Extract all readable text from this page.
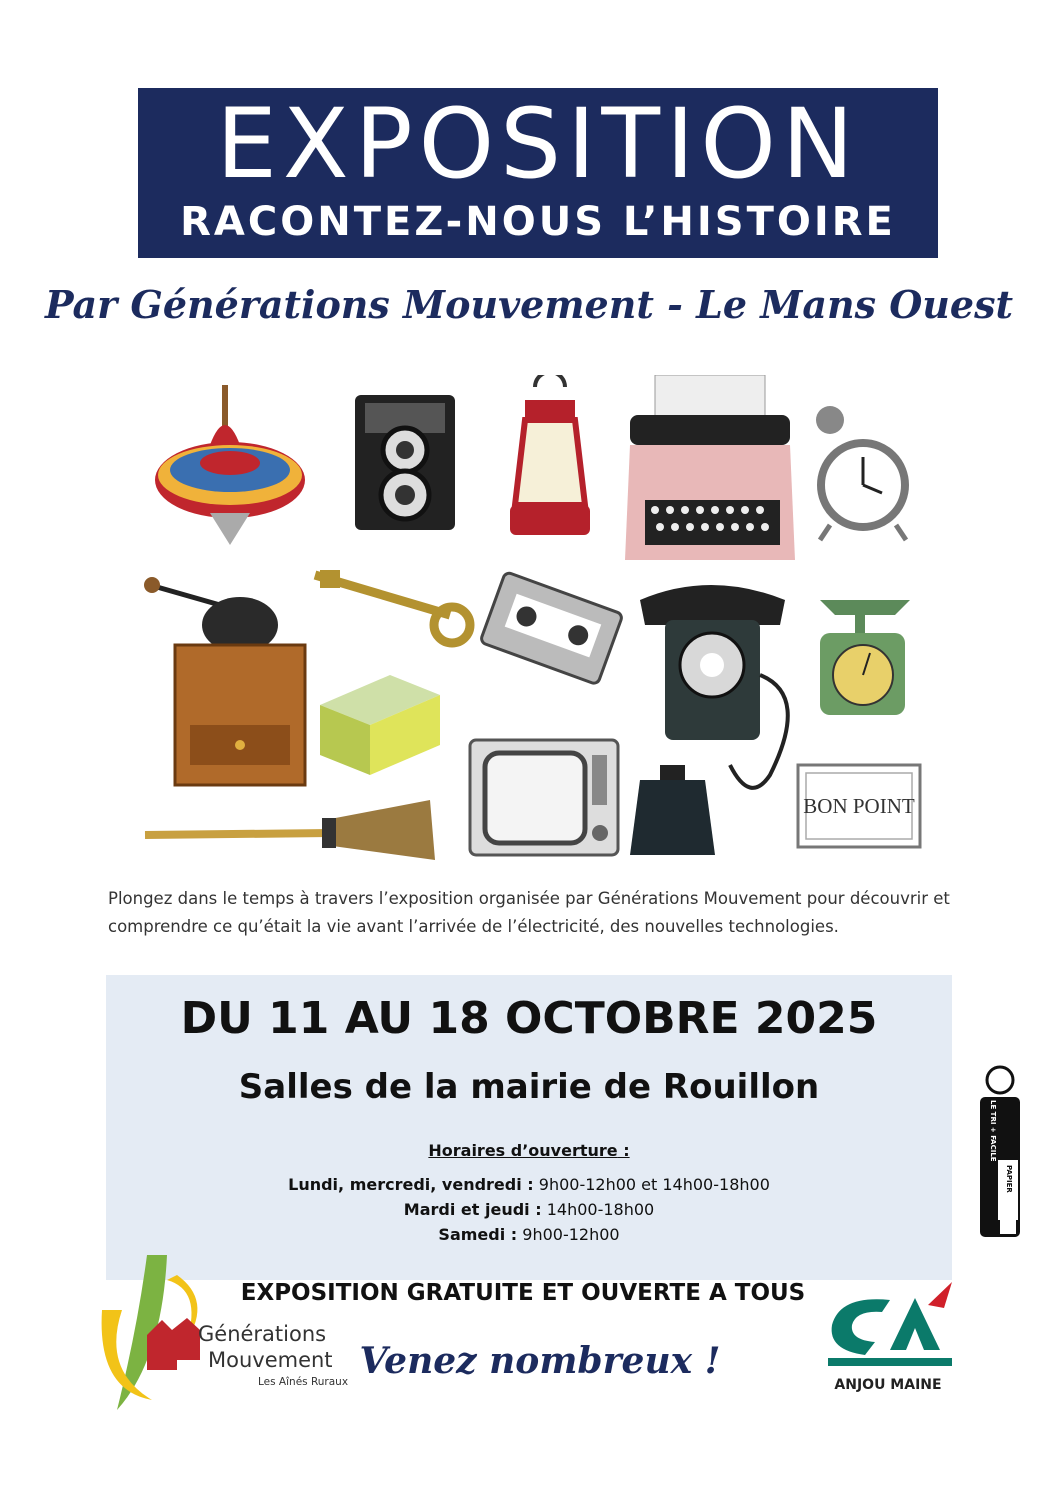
EXPOSITION
RACONTEZ-NOUS L’HISTOIRE
Par Générations Mouvement - Le Mans Ouest
BON POINT
Plongez dans le temps à travers l’exposition organisée par Générations Mouvement pour découvrir et comprendre ce qu’était la vie avant l’arrivée de l’électricité, des nouvelles technologies.
DU 11 AU 18 OCTOBRE 2025
Salles de la mairie de Rouillon
Horaires d’ouverture :
Lundi, mercredi, vendredi : 9h00-12h00 et 14h00-18h00
Mardi et jeudi : 14h00-18h00
Samedi : 9h00-12h00
EXPOSITION GRATUITE ET OUVERTE A TOUS
Venez nombreux !
Générations
Mouvement
Les Aînés Ruraux	ANJOU MAINE
LE TRI + FACILE
PAPIER
